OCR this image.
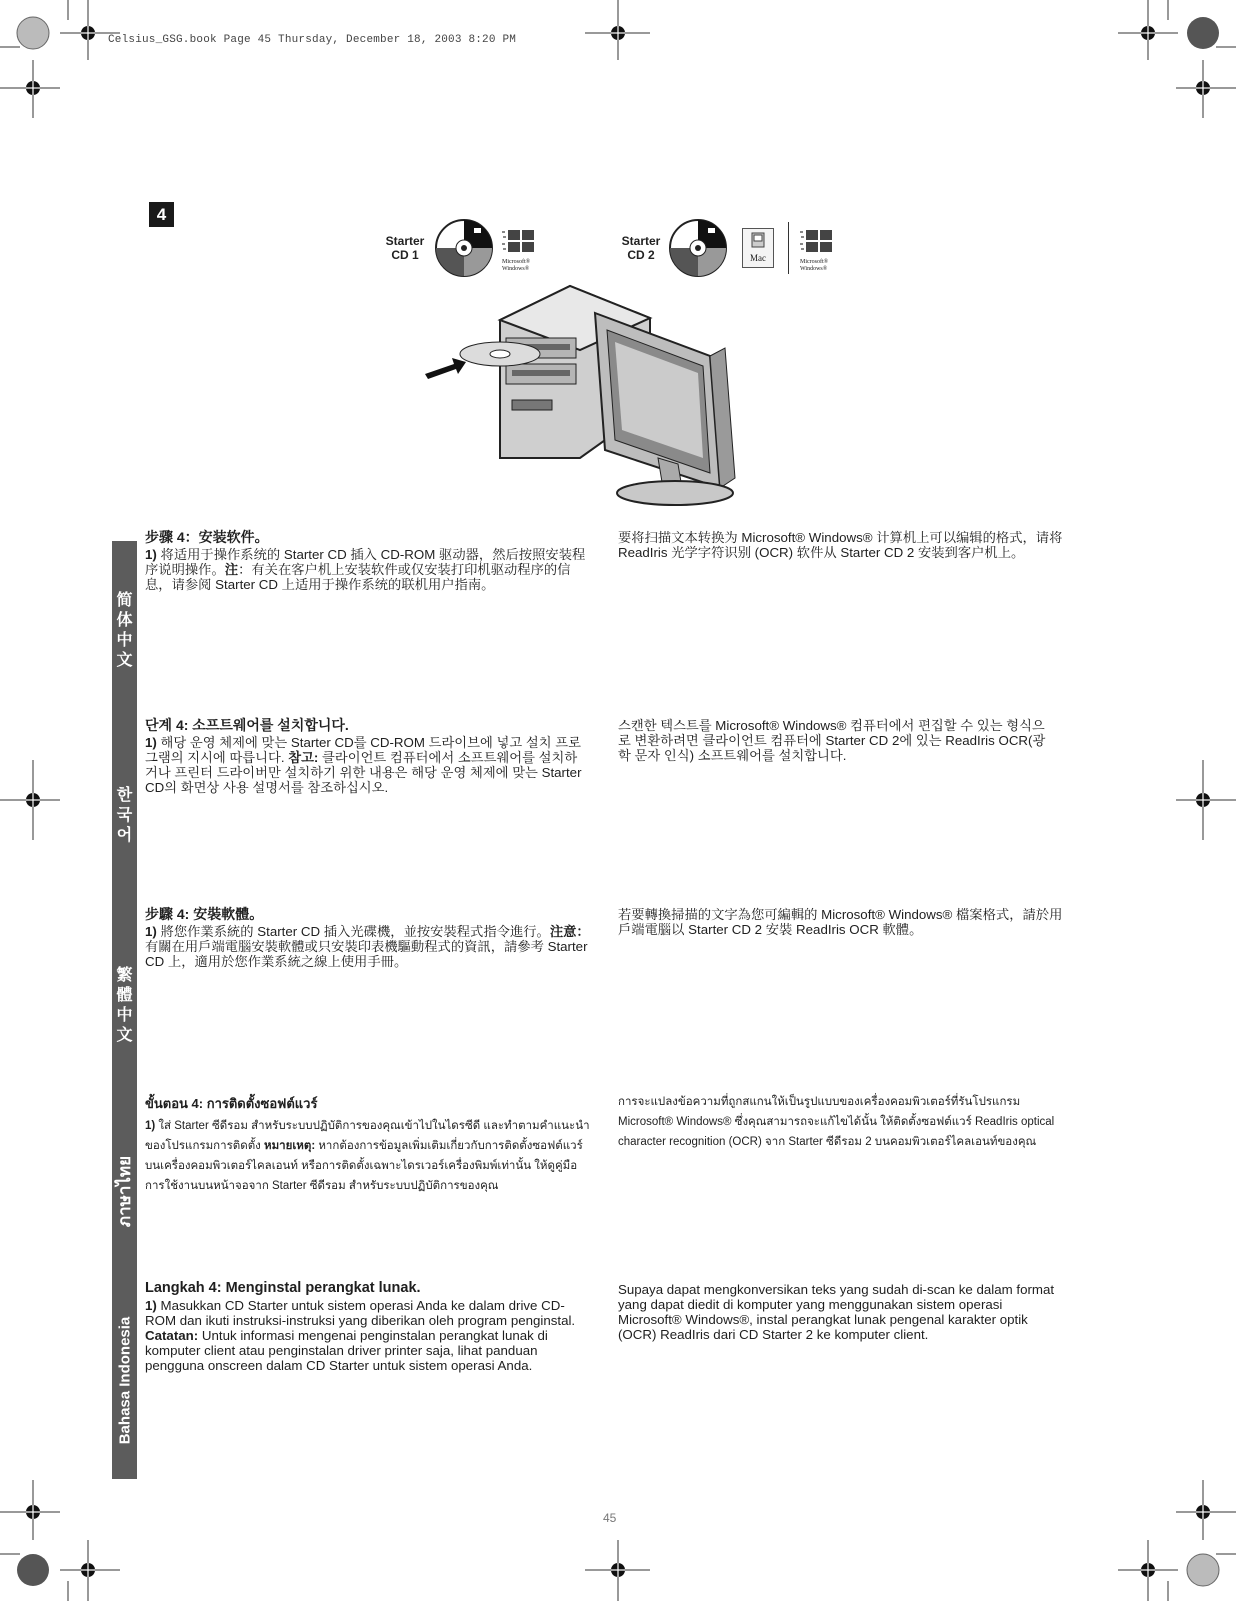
Celsius_GSG.book Page 45 Thursday, December 18, 2003 8:20 PM
4
Starter
CD 1	Microsoft®
Windows®
Starter
CD 2	Mac	Microsoft®
Windows®
简体中文
한국어
繁體中文
ภาษาไทย
Bahasa Indonesia

步骤 4：安装软件。

1) 将适用于操作系统的 Starter CD 插入 CD-ROM 驱动器，然后按照安装程序说明操作。注：有关在客户机上安装软件或仅安装打印机驱动程序的信息，请参阅 Starter CD 上适用于操作系统的联机用户指南。

要将扫描文本转换为 Microsoft® Windows® 计算机上可以编辑的格式，请将 ReadIris 光学字符识别 (OCR) 软件从 Starter CD 2 安装到客户机上。

단계 4: 소프트웨어를 설치합니다.

1) 해당 운영 체제에 맞는 Starter CD를 CD-ROM 드라이브에 넣고 설치 프로그램의 지시에 따릅니다. 참고: 클라이언트 컴퓨터에서 소프트웨어를 설치하거나 프린터 드라이버만 설치하기 위한 내용은 해당 운영 체제에 맞는 Starter CD의 화면상 사용 설명서를 참조하십시오.

스캔한 텍스트를 Microsoft® Windows® 컴퓨터에서 편집할 수 있는 형식으로 변환하려면 클라이언트 컴퓨터에 Starter CD 2에 있는 ReadIris OCR(광학 문자 인식) 소프트웨어를 설치합니다.

步驟 4: 安裝軟體。

1) 將您作業系統的 Starter CD 插入光碟機，並按安裝程式指令進行。注意：有關在用戶端電腦安裝軟體或只安裝印表機驅動程式的資訊，請參考 Starter CD 上，適用於您作業系統之線上使用手冊。

若要轉換掃描的文字為您可編輯的 Microsoft® Windows® 檔案格式，請於用戶端電腦以 Starter CD 2 安裝 ReadIris OCR 軟體。

ขั้นตอน 4: การติดตั้งซอฟต์แวร์

1) ใส่ Starter ซีดีรอม สำหรับระบบปฏิบัติการของคุณเข้าไปในไดรซีดี และทำตามคำแนะนำของโปรแกรมการติดตั้ง หมายเหตุ: หากต้องการข้อมูลเพิ่มเติมเกี่ยวกับการติดตั้งซอฟต์แวร์บนเครื่องคอมพิวเตอร์ไคลเอนท์ หรือการติดตั้งเฉพาะไดรเวอร์เครื่องพิมพ์เท่านั้น ให้ดูคู่มือการใช้งานบนหน้าจอจาก Starter ซีดีรอม สำหรับระบบปฏิบัติการของคุณ

การจะแปลงข้อความที่ถูกสแกนให้เป็นรูปแบบของเครื่องคอมพิวเตอร์ที่รันโปรแกรม Microsoft® Windows® ซึ่งคุณสามารถจะแก้ไขได้นั้น ให้ติดตั้งซอฟต์แวร์ ReadIris optical character recognition (OCR) จาก Starter ซีดีรอม 2 บนคอมพิวเตอร์ไคลเอนท์ของคุณ

Langkah 4: Menginstal perangkat lunak.

1) Masukkan CD Starter untuk sistem operasi Anda ke dalam drive CD-ROM dan ikuti instruksi-instruksi yang diberikan oleh program penginstal. Catatan: Untuk informasi mengenai penginstalan perangkat lunak di komputer client atau penginstalan driver printer saja, lihat panduan pengguna onscreen dalam CD Starter untuk sistem operasi Anda.

Supaya dapat mengkonversikan teks yang sudah di-scan ke dalam format yang dapat diedit di komputer yang menggunakan sistem operasi Microsoft® Windows®, instal perangkat lunak pengenal karakter optik (OCR) ReadIris dari CD Starter 2 ke komputer client.

45
